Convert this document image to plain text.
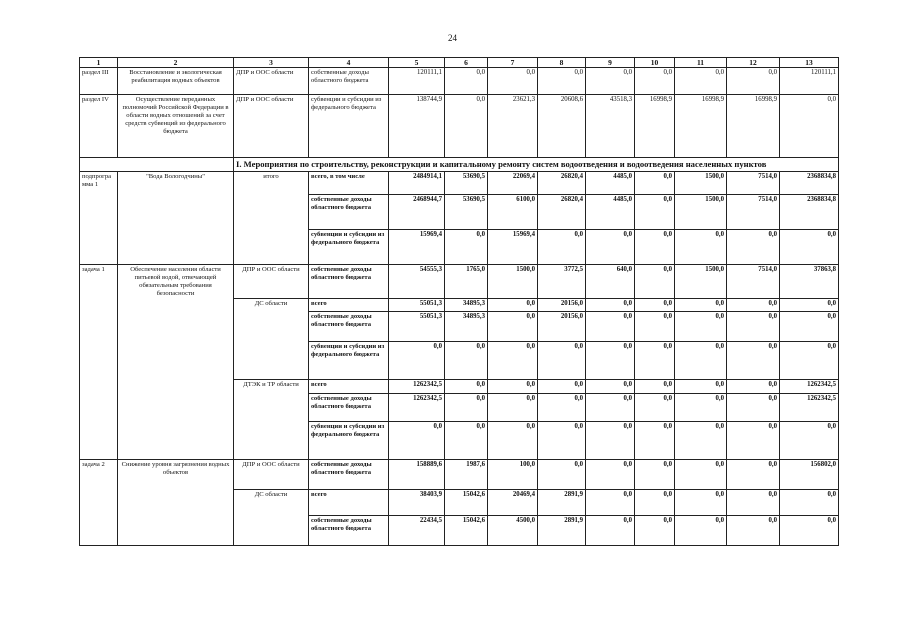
24
1	2	3	4	5	6	7	8	9	10	11	12	13
раздел III	Восстановление и экологическая реабилитация водных объектов	ДПР и ООС области	собственные доходы областного бюджета	120111,1	0,0	0,0	0,0	0,0	0,0	0,0	0,0	120111,1
раздел IV	Осуществление переданных полномочий Российской Федерации в области водных отношений за счет средств субвенций из федерального бюджета	ДПР и ООС области	субвенции и субсидии из федерального бюджета	138744,9	0,0	23621,3	20608,6	43518,3	16998,9	16998,9	16998,9	0,0
		I. Мероприятия по строительству, реконструкции и капитальному ремонту систем водоотведения и водоотведения населенных пунктов										
подпрогра мма 1	"Вода Вологодчины"	итого	всего, в том числе	2484914,1	53690,5	22069,4	26820,4	4485,0	0,0	1500,0	7514,0	2368834,8
			собственные доходы областного бюджета	2468944,7	53690,5	6100,0	26820,4	4485,0	0,0	1500,0	7514,0	2368834,8
			субвенции и субсидии из федерального бюджета	15969,4	0,0	15969,4	0,0	0,0	0,0	0,0	0,0	0,0
задача 1	Обеспечение населения области питьевой водой, отвечающей обязательным требования безопасности	ДПР и ООС области	собственные доходы областного бюджета	54555,3	1765,0	1500,0	3772,5	640,0	0,0	1500,0	7514,0	37863,8
		ДС области	всего	55051,3	34895,3	0,0	20156,0	0,0	0,0	0,0	0,0	0,0
			собственные доходы областного бюджета	55051,3	34895,3	0,0	20156,0	0,0	0,0	0,0	0,0	0,0
			субвенции и субсидии из федерального бюджета	0,0	0,0	0,0	0,0	0,0	0,0	0,0	0,0	0,0
		ДТЭК и ТР области	всего	1262342,5	0,0	0,0	0,0	0,0	0,0	0,0	0,0	1262342,5
			собственные доходы областного бюджета	1262342,5	0,0	0,0	0,0	0,0	0,0	0,0	0,0	1262342,5
			субвенции и субсидии из федерального бюджета	0,0	0,0	0,0	0,0	0,0	0,0	0,0	0,0	0,0
задача 2	Снижение уровня загрязнения водных объектов	ДПР и ООС области	собственные доходы областного бюджета	158889,6	1987,6	100,0	0,0	0,0	0,0	0,0	0,0	156802,0
		ДС области	всего	38403,9	15042,6	20469,4	2891,9	0,0	0,0	0,0	0,0	0,0
			собственные доходы областного бюджета	22434,5	15042,6	4500,0	2891,9	0,0	0,0	0,0	0,0	0,0
